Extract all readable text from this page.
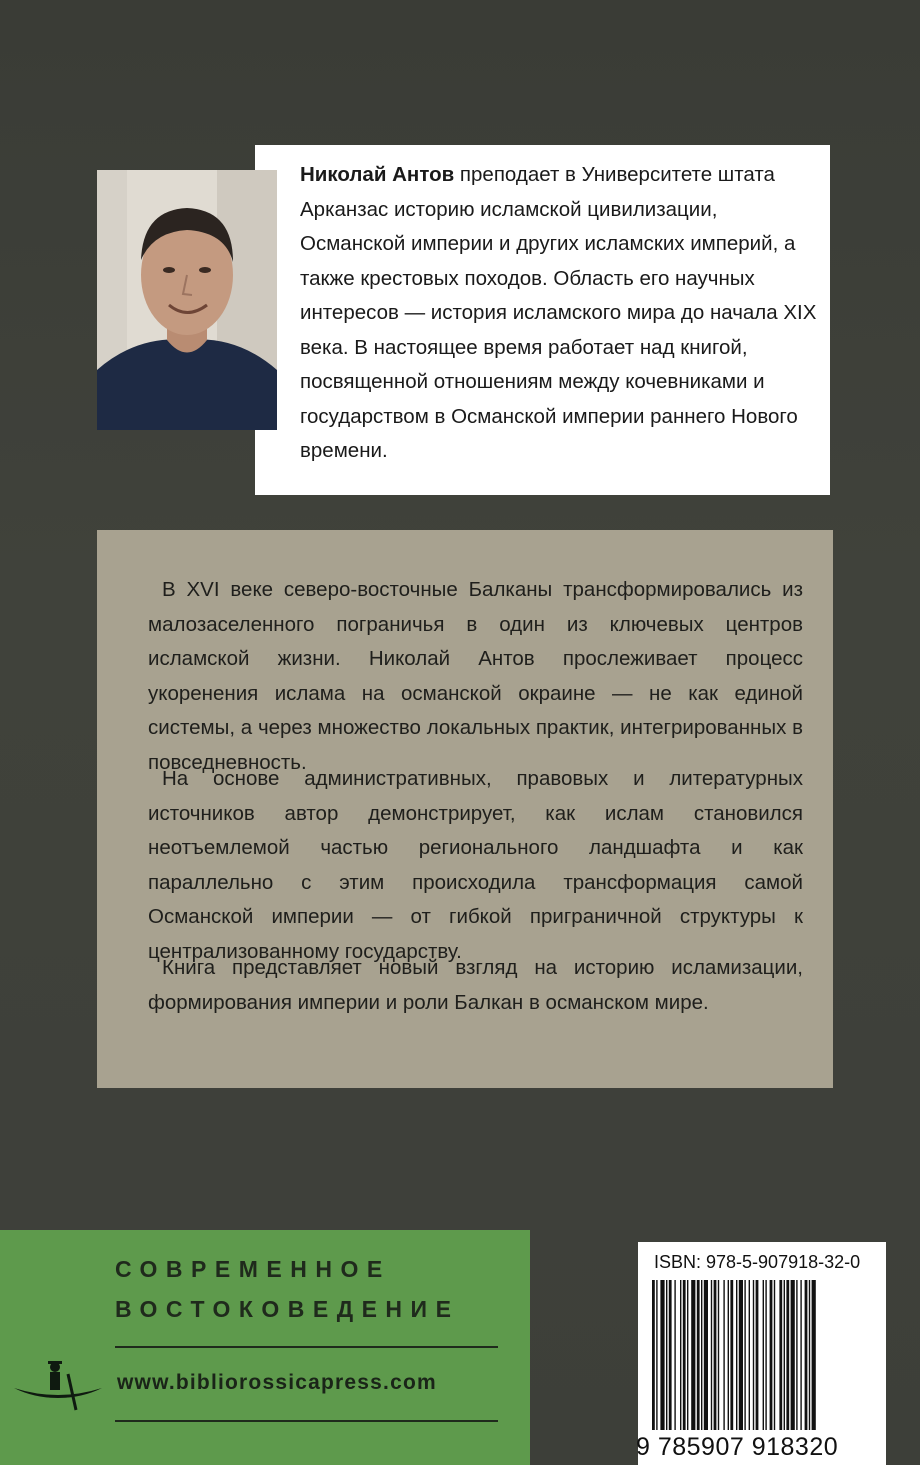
Николай Антов преподает в Университете штата Арканзас историю исламской цивилизации, Османской империи и других исламских империй, а также крестовых походов. Область его научных интересов — история исламского мира до начала XIX века. В настоящее время работает над книгой, посвященной отношениям между кочевниками и государством в Османской империи раннего Нового времени.

В XVI веке северо-восточные Балканы трансформировались из малозаселенного пограничья в один из ключевых центров исламской жизни. Николай Антов прослеживает процесс укоренения ислама на османской окраине — не как единой системы, а через множество локальных практик, интегрированных в повседневность.

На основе административных, правовых и литературных источников автор демонстрирует, как ислам становился неотъемлемой частью регионального ландшафта и как параллельно с этим происходила трансформация самой Османской империи — от гибкой приграничной структуры к централизованному государству.

Книга представляет новый взгляд на историю исламизации, формирования империи и роли Балкан в османском мире.

СОВРЕМЕННОЕ

ВОСТОКОВЕДЕНИЕ

www.bibliorossicapress.com

ISBN: 978-5-907918-32-0

9 785907 918320
